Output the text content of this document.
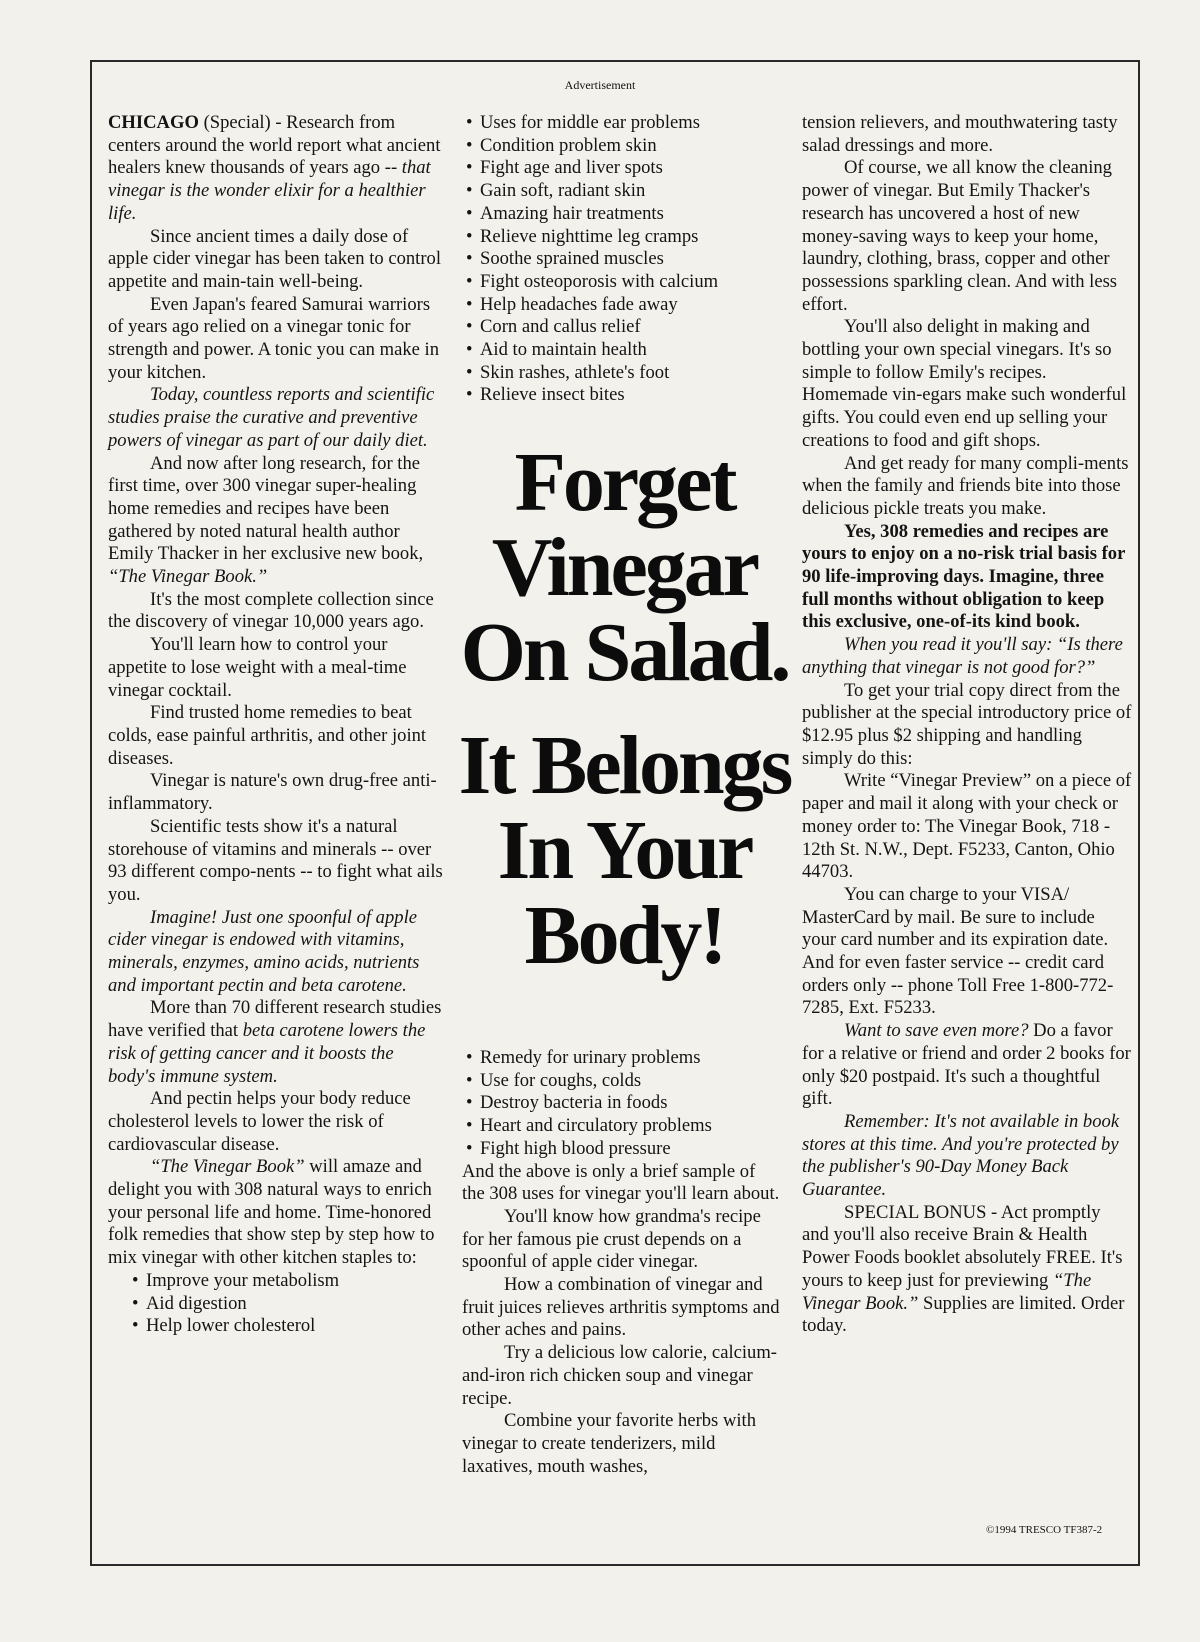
Advertisement

CHICAGO (Special) - Research from centers around the world report what ancient healers knew thousands of years ago -- that vinegar is the wonder elixir for a healthier life.

Since ancient times a daily dose of apple cider vinegar has been taken to control appetite and main-tain well-being.

Even Japan's feared Samurai warriors of years ago relied on a vinegar tonic for strength and power. A tonic you can make in your kitchen.

Today, countless reports and scientific studies praise the curative and preventive powers of vinegar as part of our daily diet.

And now after long research, for the first time, over 300 vinegar super-healing home remedies and recipes have been gathered by noted natural health author Emily Thacker in her exclusive new book, “The Vinegar Book.”

It's the most complete collection since the discovery of vinegar 10,000 years ago.

You'll learn how to control your appetite to lose weight with a meal-time vinegar cocktail.

Find trusted home remedies to beat colds, ease painful arthritis, and other joint diseases.

Vinegar is nature's own drug-free anti-inflammatory.

Scientific tests show it's a natural storehouse of vitamins and minerals -- over 93 different compo-nents -- to fight what ails you.

Imagine! Just one spoonful of apple cider vinegar is endowed with vitamins, minerals, enzymes, amino acids, nutrients and important pectin and beta carotene.

More than 70 different research studies have verified that beta carotene lowers the risk of getting cancer and it boosts the body's immune system.

And pectin helps your body reduce cholesterol levels to lower the risk of cardiovascular disease.

“The Vinegar Book” will amaze and delight you with 308 natural ways to enrich your personal life and home. Time-honored folk remedies that show step by step how to mix vinegar with other kitchen staples to:

• Improve your metabolism
• Aid digestion
• Help lower cholesterol
• Uses for middle ear problems
• Condition problem skin
• Fight age and liver spots
• Gain soft, radiant skin
• Amazing hair treatments
• Relieve nighttime leg cramps
• Soothe sprained muscles
• Fight osteoporosis with calcium
• Help headaches fade away
• Corn and callus relief
• Aid to maintain health
• Skin rashes, athlete's foot
• Relieve insect bites
Forget
Vinegar
On Salad.
It Belongs
In Your
Body!
• Remedy for urinary problems
• Use for coughs, colds
• Destroy bacteria in foods
• Heart and circulatory problems
• Fight high blood pressure

And the above is only a brief sample of the 308 uses for vinegar you'll learn about.

You'll know how grandma's recipe for her famous pie crust depends on a spoonful of apple cider vinegar.

How a combination of vinegar and fruit juices relieves arthritis symptoms and other aches and pains.

Try a delicious low calorie, calcium-and-iron rich chicken soup and vinegar recipe.

Combine your favorite herbs with vinegar to create tenderizers, mild laxatives, mouth washes,

tension relievers, and mouthwatering tasty salad dressings and more.

Of course, we all know the cleaning power of vinegar. But Emily Thacker's research has uncovered a host of new money-saving ways to keep your home, laundry, clothing, brass, copper and other possessions sparkling clean. And with less effort.

You'll also delight in making and bottling your own special vinegars. It's so simple to follow Emily's recipes. Homemade vin-egars make such wonderful gifts. You could even end up selling your creations to food and gift shops.

And get ready for many compli-ments when the family and friends bite into those delicious pickle treats you make.

Yes, 308 remedies and recipes are yours to enjoy on a no-risk trial basis for 90 life-improving days. Imagine, three full months without obligation to keep this exclusive, one-of-its kind book.

When you read it you'll say: “Is there anything that vinegar is not good for?”

To get your trial copy direct from the publisher at the special introductory price of $12.95 plus $2 shipping and handling simply do this:

Write “Vinegar Preview” on a piece of paper and mail it along with your check or money order to: The Vinegar Book, 718 - 12th St. N.W., Dept. F5233, Canton, Ohio 44703.

You can charge to your VISA/ MasterCard by mail. Be sure to include your card number and its expiration date. And for even faster service -- credit card orders only -- phone Toll Free 1-800-772-7285, Ext. F5233.

Want to save even more? Do a favor for a relative or friend and order 2 books for only $20 postpaid. It's such a thoughtful gift.

Remember: It's not available in book stores at this time. And you're protected by the publisher's 90-Day Money Back Guarantee.

SPECIAL BONUS - Act promptly and you'll also receive Brain & Health Power Foods booklet absolutely FREE. It's yours to keep just for previewing “The Vinegar Book.” Supplies are limited. Order today.

©1994 TRESCO TF387-2
